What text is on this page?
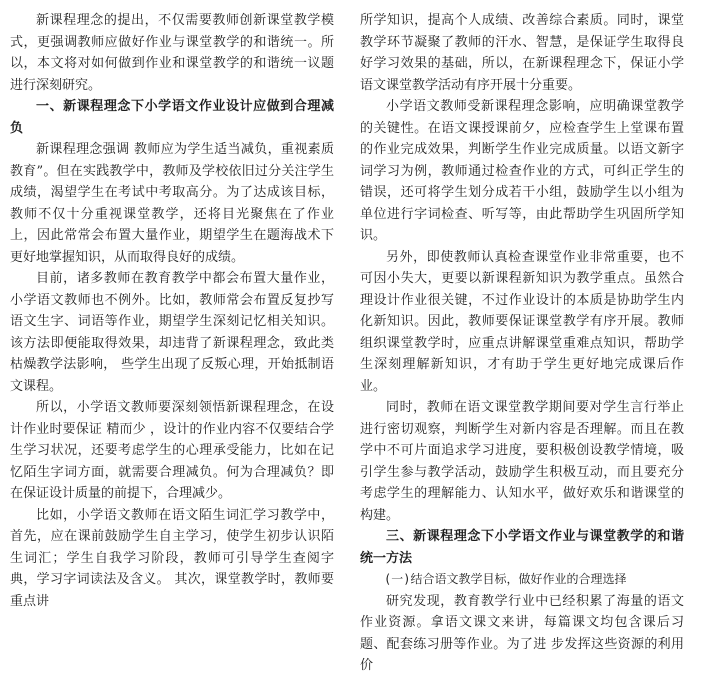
新课程理念的提出，不仅需要教师创新课堂教学模式，更强调教师应做好作业与课堂教学的和谐统一。所以，本文将对如何做到作业和课堂教学的和谐统一议题进行深刻研究。

一、新课程理念下小学语文作业设计应做到合理减负

新课程理念强调 教师应为学生适当减负，重视素质教育”。但在实践教学中，教师及学校依旧过分关注学生成绩，渴望学生在考试中考取高分。为了达成该目标，教师不仅十分重视课堂教学，还将目光聚焦在了作业上，因此常常会布置大量作业，期望学生在题海战术下更好地掌握知识，从而取得良好的成绩。

目前，诸多教师在教育教学中都会布置大量作业，小学语文教师也不例外。比如，教师常会布置反复抄写语文生字、词语等作业，期望学生深刻记忆相关知识。该方法即便能取得效果，却违背了新课程理念，致此类枯燥教学法影响， 些学生出现了反叛心理，开始抵制语文课程。

所以，小学语文教师要深刻领悟新课程理念，在设计作业时要保证 精而少 ，设计的作业内容不仅要结合学生学习状况，还要考虑学生的心理承受能力，比如在记忆陌生字词方面，就需要合理减负。何为合理减负？即 在保证设计质量的前提下，合理减少。

比如，小学语文教师在语文陌生词汇学习教学中，首先，应在课前鼓励学生自主学习，使学生初步认识陌生词汇；学生自我学习阶段，教师可引导学生查阅字典，学习字词读法及含义。 其次，课堂教学时，教师要重点讲

所学知识，提高个人成绩、改善综合素质。同时，课堂教学环节凝聚了教师的汗水、智慧，是保证学生取得良好学习效果的基础，所以，在新课程理念下，保证小学语文课堂教学活动有序开展十分重要。

小学语文教师受新课程理念影响，应明确课堂教学的关键性。在语文课授课前夕，应检查学生上堂课布置的作业完成效果，判断学生作业完成质量。以语文新字词学习为例，教师通过检查作业的方式，可纠正学生的错误，还可将学生划分成若干小组，鼓励学生以小组为单位进行字词检查、听写等，由此帮助学生巩固所学知识。

另外，即使教师认真检查课堂作业非常重要，也不可因小失大，更要以新课程新知识为教学重点。虽然合理设计作业很关键，不过作业设计的本质是协助学生内化新知识。因此，教师要保证课堂教学有序开展。教师组织课堂教学时，应重点讲解课堂重难点知识，帮助学生深刻理解新知识，才有助于学生更好地完成课后作业。

同时，教师在语文课堂教学期间要对学生言行举止进行密切观察，判断学生对新内容是否理解。而且在教学中不可片面追求学习进度，要积极创设教学情境，吸引学生参与教学活动，鼓励学生积极互动，而且要充分考虑学生的理解能力、认知水平，做好欢乐和谐课堂的构建。

三、新课程理念下小学语文作业与课堂教学的和谐统一方法

(一)结合语文教学目标，做好作业的合理选择

研究发现，教育教学行业中已经积累了海量的语文作业资源。拿语文课文来讲，每篇课文均包含课后习题、配套练习册等作业。为了进 步发挥这些资源的利用价
